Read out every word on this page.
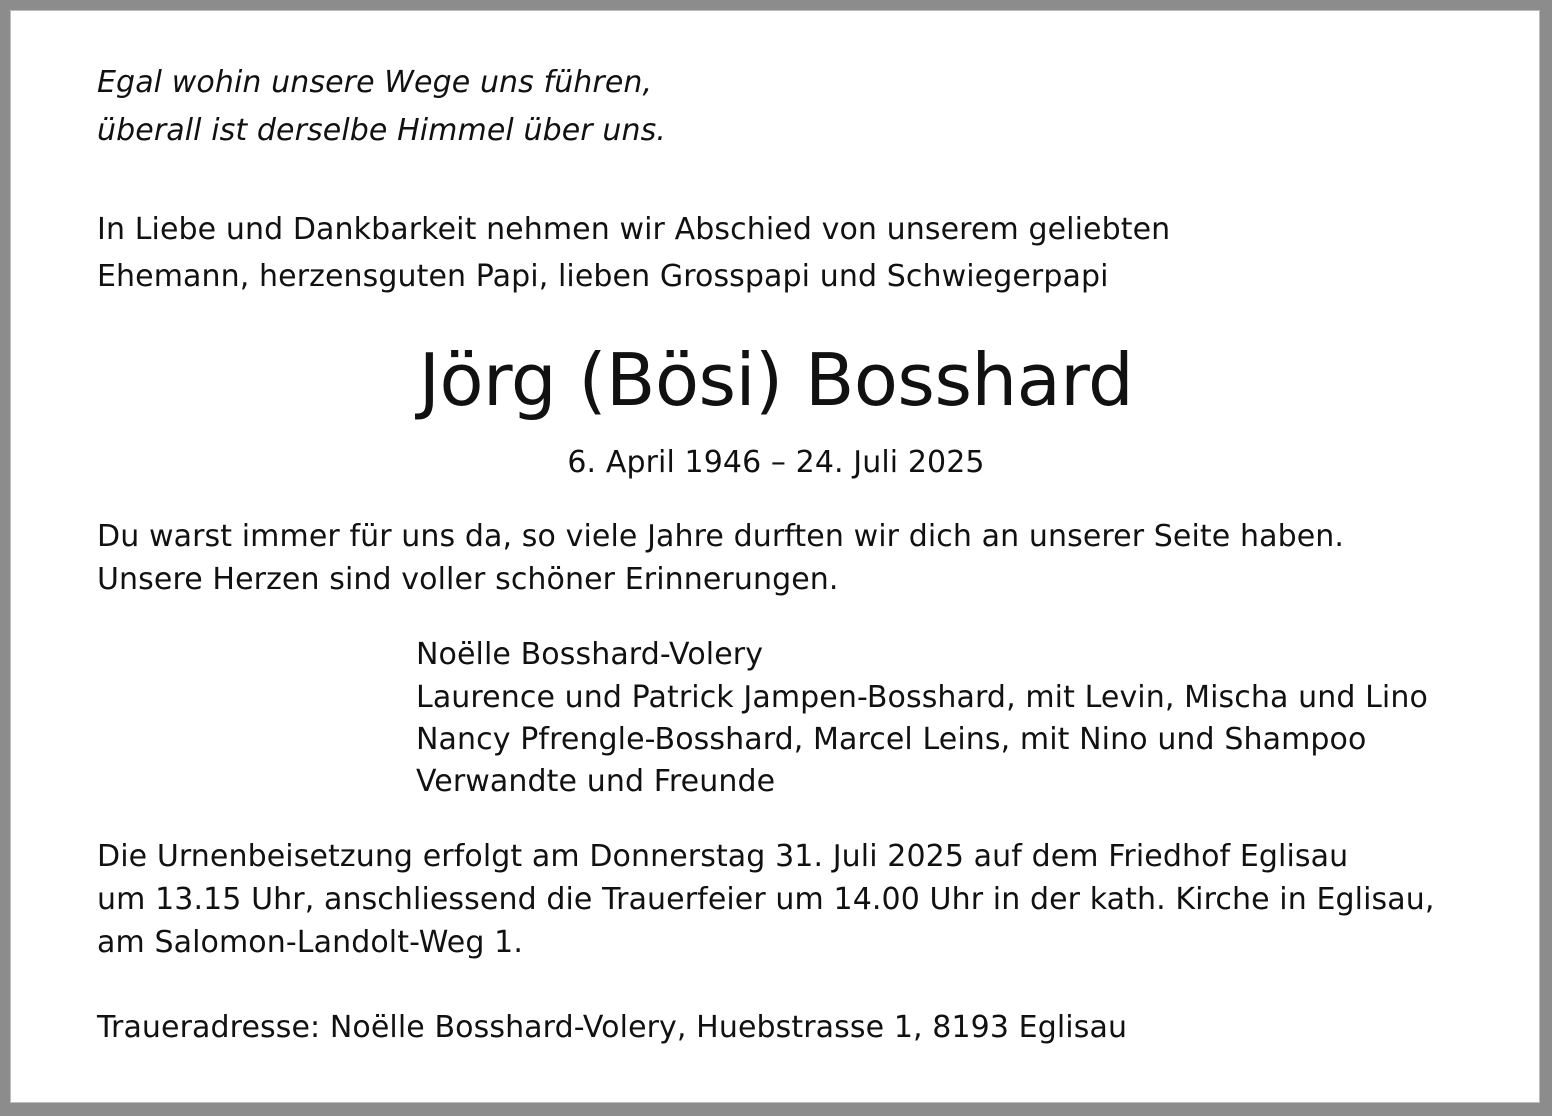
Egal wohin unsere Wege uns führen,

überall ist derselbe Himmel über uns.

In Liebe und Dankbarkeit nehmen wir Abschied von unserem geliebten

Ehemann, herzensguten Papi, lieben Grosspapi und Schwiegerpapi

Jörg (Bösi) Bosshard

6. April 1946 – 24. Juli 2025

Du warst immer für uns da, so viele Jahre durften wir dich an unserer Seite haben.

Unsere Herzen sind voller schöner Erinnerungen.

Noëlle Bosshard-Volery

Laurence und Patrick Jampen-Bosshard, mit Levin, Mischa und Lino

Nancy Pfrengle-Bosshard, Marcel Leins, mit Nino und Shampoo

Verwandte und Freunde

Die Urnenbeisetzung erfolgt am Donnerstag 31. Juli 2025 auf dem Friedhof Eglisau

um 13.15 Uhr, anschliessend die Trauerfeier um 14.00 Uhr in der kath. Kirche in Eglisau,

am Salomon-Landolt-Weg 1.

Traueradresse: Noëlle Bosshard-Volery, Huebstrasse 1, 8193 Eglisau
